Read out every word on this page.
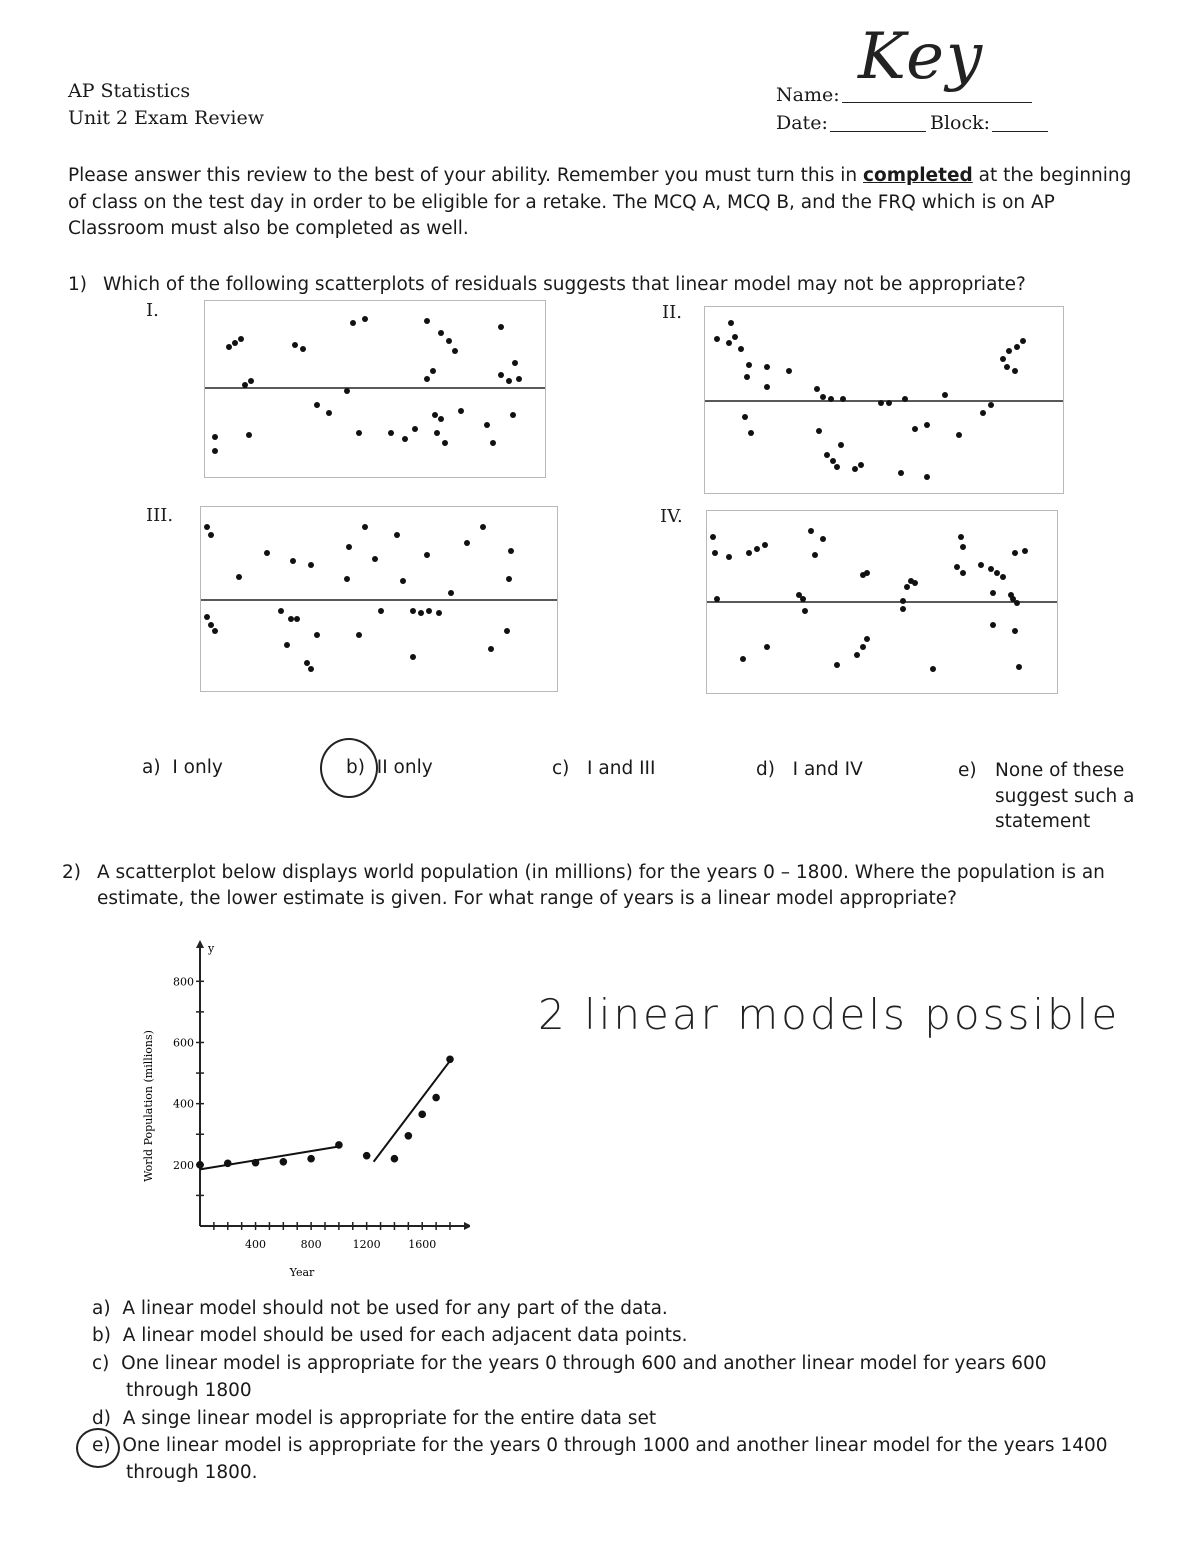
AP Statistics
Unit 2 Exam Review
Name:
Key
Date:	Block:
Please answer this review to the best of your ability. Remember you must turn this in completed at the beginning
of class on the test day in order to be eligible for a retake. The MCQ A, MCQ B, and the FRQ which is on AP
Classroom must also be completed as well.
1) Which of the following scatterplots of residuals suggests that linear model may not be appropriate?
I.	II.
III.	IV.
a) I only	b) II only	c) I and III	d) I and IV	e) None of these
suggest such a
statement
2) A scatterplot below displays world population (in millions) for the years 0 – 1800. Where the population is an
estimate, the lower estimate is given. For what range of years is a linear model appropriate?
400	800	1200	1600
200
400
600
800
Year
World Population (millions)
y
2 linear models possible
a) A linear model should not be used for any part of the data.
b) A linear model should be used for each adjacent data points.
c) One linear model is appropriate for the years 0 through 600 and another linear model for years 600
through 1800
d) A singe linear model is appropriate for the entire data set
e) One linear model is appropriate for the years 0 through 1000 and another linear model for the years 1400
through 1800.
